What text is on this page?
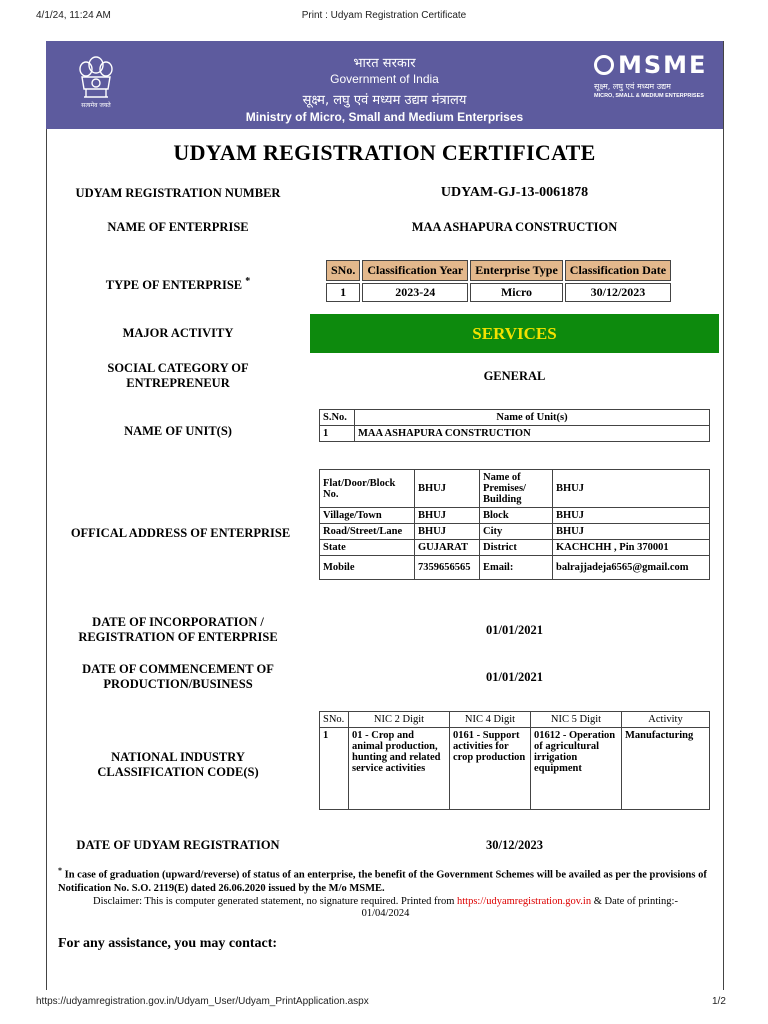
4/1/24, 11:24 AM	Print : Udyam Registration Certificate
https://udyamregistration.gov.in/Udyam_User/Udyam_PrintApplication.aspx	1/2
सत्यमेव जयते
भारत सरकार
Government of India
सूक्ष्म, लघु एवं मध्यम उद्यम मंत्रालय
Ministry of Micro, Small and Medium Enterprises
MSME
सूक्ष्म, लघु एवं मध्यम उद्यम
MICRO, SMALL & MEDIUM ENTERPRISES
UDYAM REGISTRATION CERTIFICATE
UDYAM REGISTRATION NUMBER	UDYAM-GJ-13-0061878
NAME OF ENTERPRISE	MAA ASHAPURA CONSTRUCTION
TYPE OF ENTERPRISE *
SNo.	Classification Year	Enterprise Type	Classification Date
1	2023-24	Micro	30/12/2023
MAJOR ACTIVITY	SERVICES
SOCIAL CATEGORY OF
ENTREPRENEUR	GENERAL
NAME OF UNIT(S)
S.No.	Name of Unit(s)
1	MAA ASHAPURA CONSTRUCTION
OFFICAL ADDRESS OF ENTERPRISE
Flat/Door/Block No.	BHUJ	Name of Premises/ Building	BHUJ
Village/Town	BHUJ	Block	BHUJ
Road/Street/Lane	BHUJ	City	BHUJ
State	GUJARAT	District	KACHCHH , Pin 370001
Mobile	7359656565	Email:	balrajjadeja6565@gmail.com
DATE OF INCORPORATION /
REGISTRATION OF ENTERPRISE	01/01/2021
DATE OF COMMENCEMENT OF
PRODUCTION/BUSINESS	01/01/2021
NATIONAL INDUSTRY
CLASSIFICATION CODE(S)
SNo.	NIC 2 Digit	NIC 4 Digit	NIC 5 Digit	Activity
1	01 - Crop and animal production, hunting and related service activities	0161 - Support activities for crop production	01612 - Operation of agricultural irrigation equipment	Manufacturing
DATE OF UDYAM REGISTRATION	30/12/2023
* In case of graduation (upward/reverse) of status of an enterprise, the benefit of the Government Schemes will be availed as per the provisions of Notification No. S.O. 2119(E) dated 26.06.2020 issued by the M/o MSME.
Disclaimer: This is computer generated statement, no signature required. Printed from https://udyamregistration.gov.in & Date of printing:-
01/04/2024
For any assistance, you may contact:
